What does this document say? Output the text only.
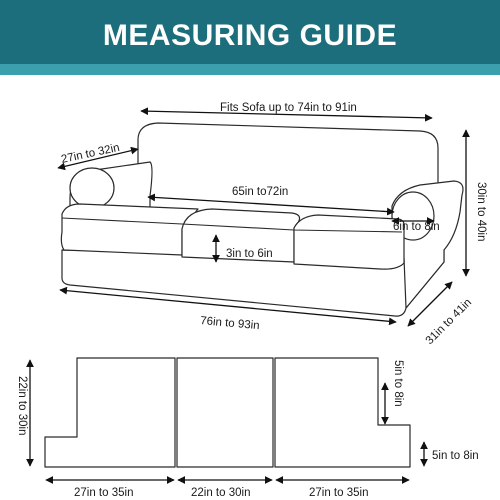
MEASURING GUIDE
Fits Sofa up to 74in to 91in
27in to 32in
65in to72in
3in to 6in
6in to 8in	30in to 40in
76in to 93in	31in to 41in
22in to 30in	5in to 8in
5in to 8in
27in to 35in	22in to 30in	27in to 35in
